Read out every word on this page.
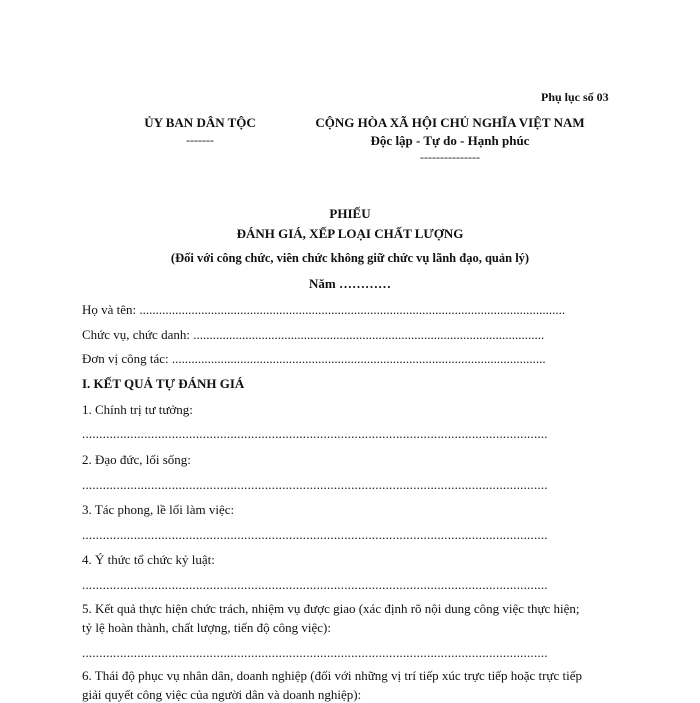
Phụ lục số 03
ỦY BAN DÂN TỘC
-------
CỘNG HÒA XÃ HỘI CHỦ NGHĨA VIỆT NAM
Độc lập - Tự do - Hạnh phúc
---------------
PHIẾU
ĐÁNH GIÁ, XẾP LOẠI CHẤT LƯỢNG
(Đối với công chức, viên chức không giữ chức vụ lãnh đạo, quản lý)
Năm …………
Họ và tên: ...................................................................................................................................
Chức vụ, chức danh: ............................................................................................................
Đơn vị công tác: ...................................................................................................................
I. KẾT QUẢ TỰ ĐÁNH GIÁ
1. Chính trị tư tưởng:
.......................................................................................................................................
2. Đạo đức, lối sống:
.......................................................................................................................................
3. Tác phong, lề lối làm việc:
.......................................................................................................................................
4. Ý thức tổ chức kỷ luật:
.......................................................................................................................................
5. Kết quả thực hiện chức trách, nhiệm vụ được giao (xác định rõ nội dung công việc thực hiện;
tỷ lệ hoàn thành, chất lượng, tiến độ công việc):
.......................................................................................................................................
6. Thái độ phục vụ nhân dân, doanh nghiệp (đối với những vị trí tiếp xúc trực tiếp hoặc trực tiếp
giải quyết công việc của người dân và doanh nghiệp):
